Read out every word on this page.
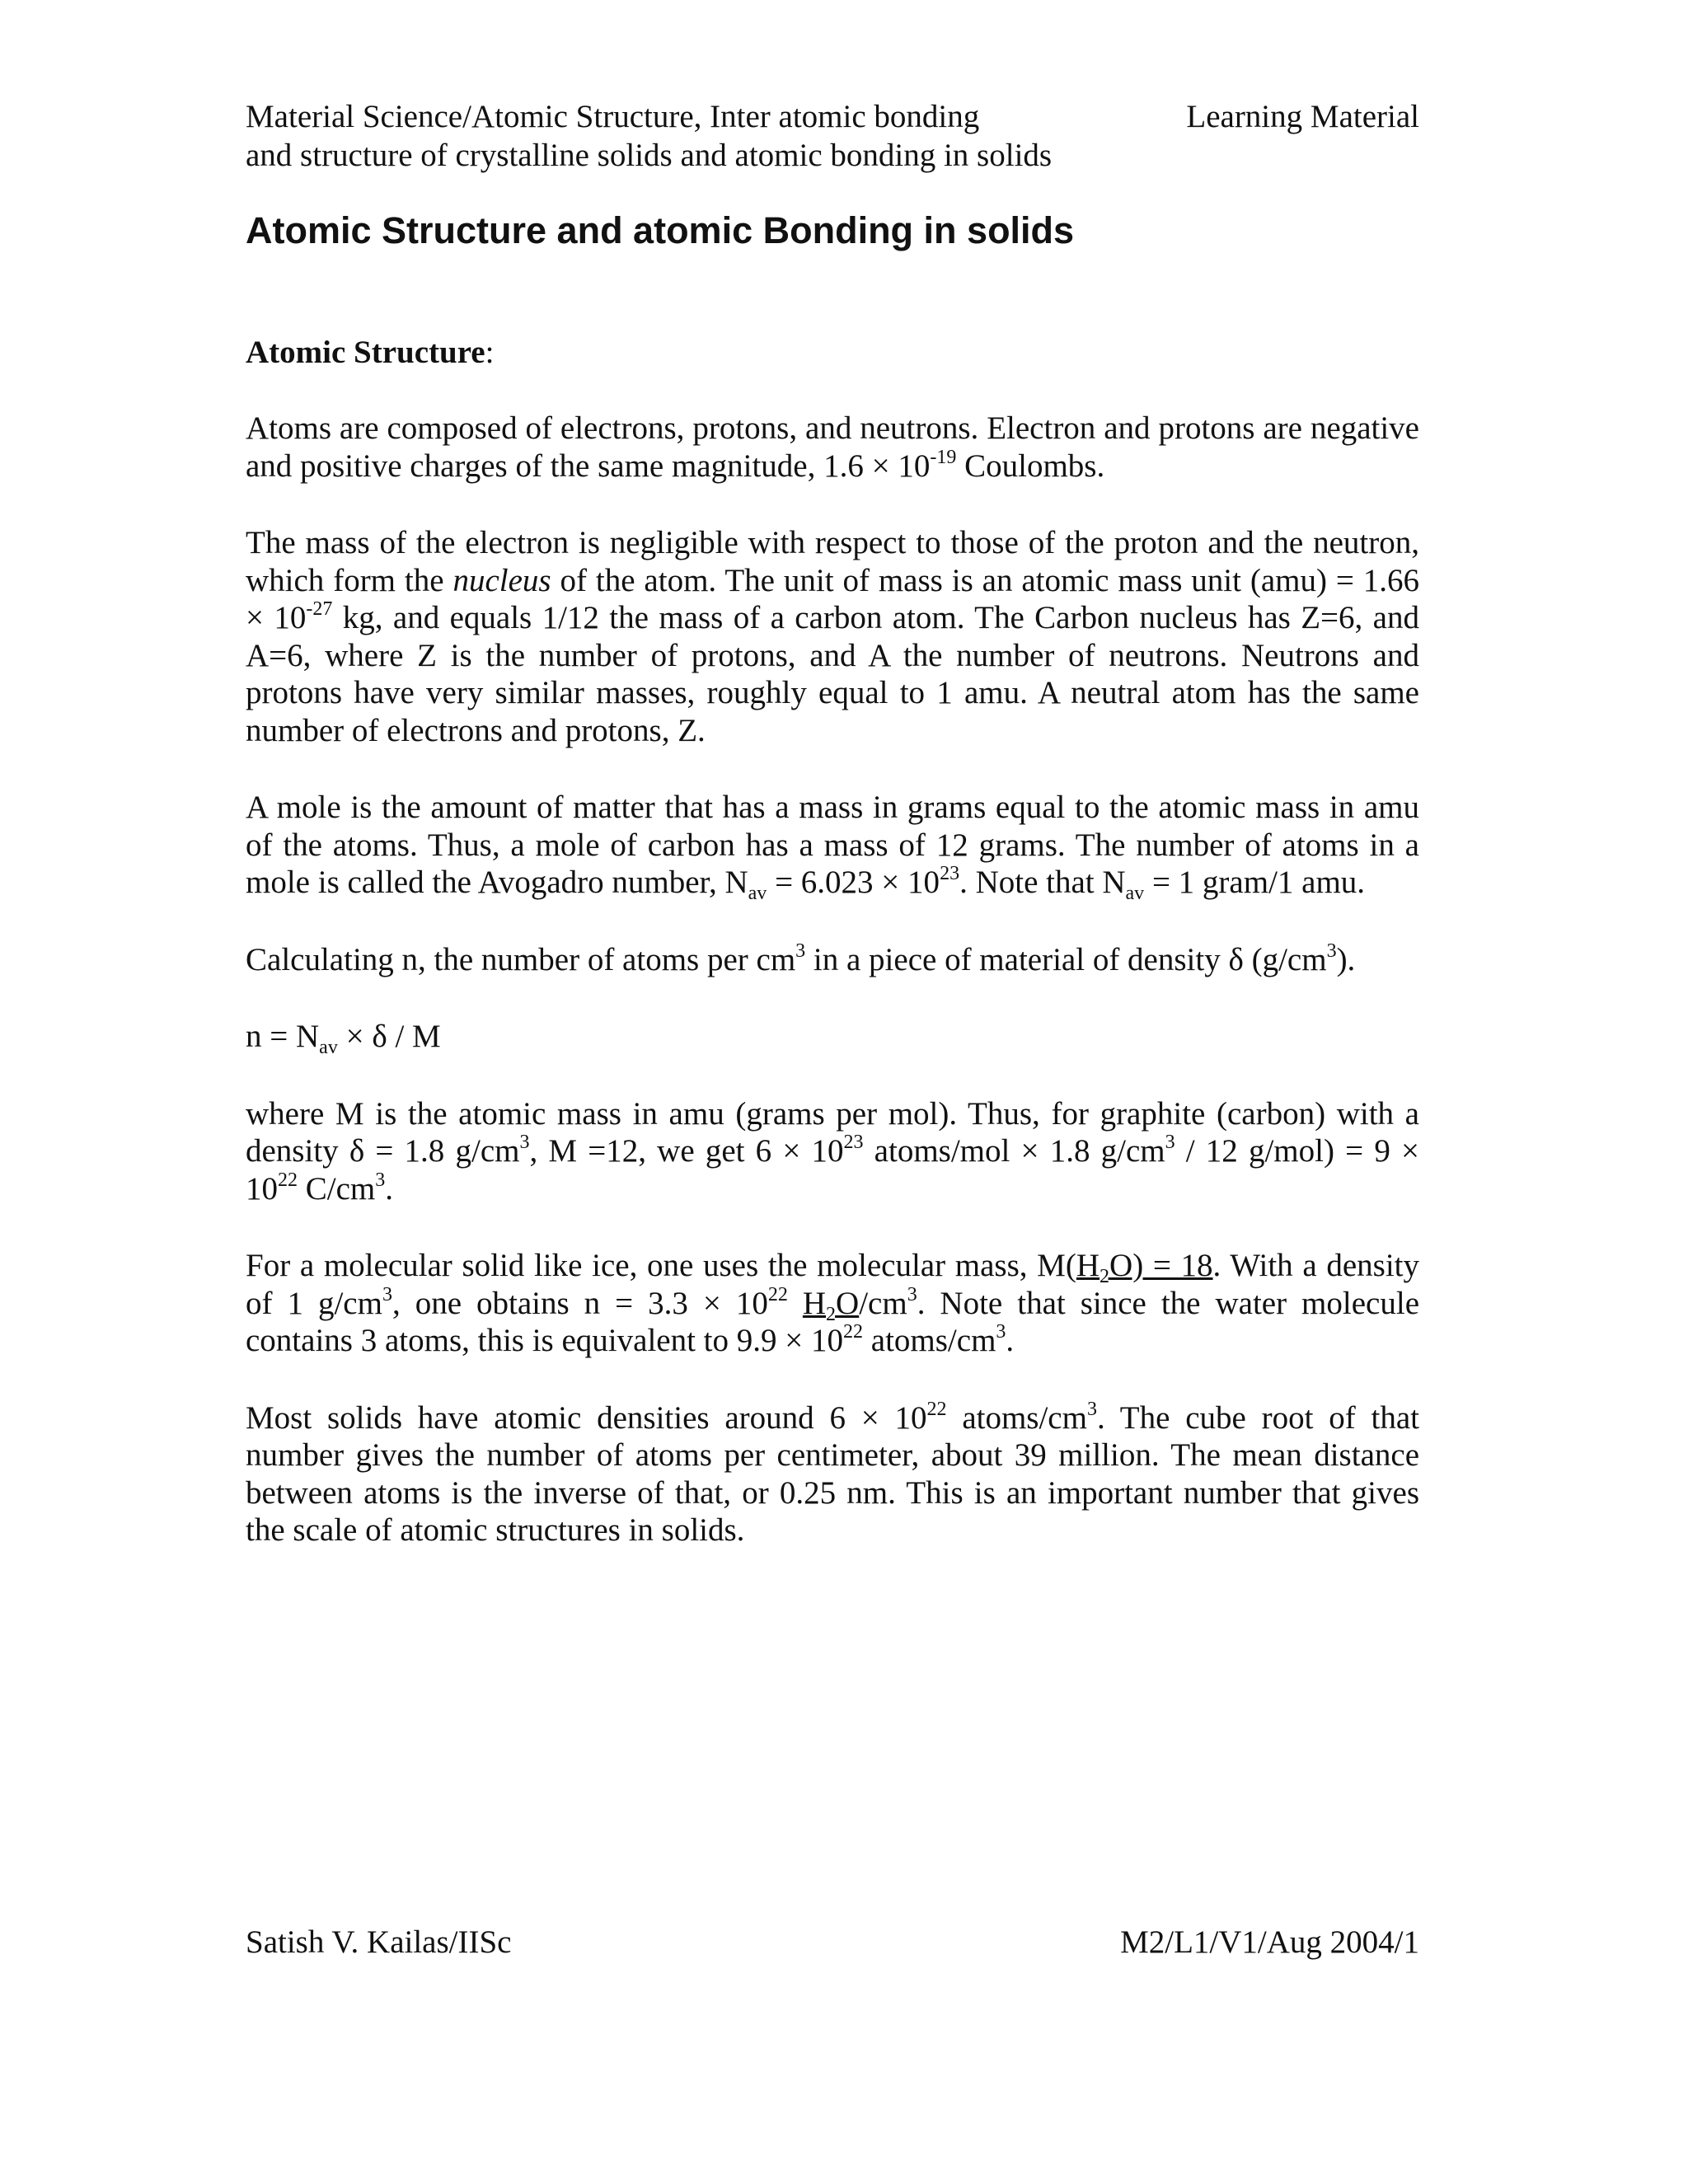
Material Science/Atomic Structure, Inter atomic bonding
and structure of crystalline solids and atomic bonding in solids
Learning Material
Atomic Structure and atomic Bonding in solids
Atomic Structure:

Atoms are composed of electrons, protons, and neutrons. Electron and protons are negative and positive charges of the same magnitude, $1.6 \times 10^{-19}$ Coulombs.

The mass of the electron is negligible with respect to those of the proton and the neutron, which form the nucleus of the atom. The unit of mass is an atomic mass unit $(amu) = 1.66 \times 10^{-27}$ kg, and equals 1/12 the mass of a carbon atom. The Carbon nucleus has Z=6, and A=6, where Z is the number of protons, and A the number of neutrons. Neutrons and protons have very similar masses, roughly equal to 1 amu. A neutral atom has the same number of electrons and protons, Z.

A mole is the amount of matter that has a mass in grams equal to the atomic mass in amu of the atoms. Thus, a mole of carbon has a mass of 12 grams. The number of atoms in a mole is called the Avogadro number, $N_{av} = 6.023 \times 10^{23}$. Note that $N_{av} = 1$ gram/1 amu.

Calculating n, the number of atoms per $cm^3$ in a piece of material of density δ $(g/cm^3)$.

$n = N_{av} \times \delta / M$

where M is the atomic mass in amu (grams per mol). Thus, for graphite (carbon) with a density δ = 1.8 $g/cm^3$, M =12, we get $6 \times 10^{23}$ atoms/mol × 1.8 $g/cm^3 / 12$ $g/mol) = 9 \times 10^{22}$ $C/cm^3$.

For a molecular solid like ice, one uses the molecular mass, $M(H_2O) = 18$. With a density of 1 $g/cm^3$, one obtains $n = 3.3 \times 10^{22}$ $H_2O/cm^3$. Note that since the water molecule contains 3 atoms, this is equivalent to $9.9 \times 10^{22}$ atoms/$cm^3$.

Most solids have atomic densities around $6 \times 10^{22}$ atoms/$cm^3$. The cube root of that number gives the number of atoms per centimeter, about 39 million. The mean distance between atoms is the inverse of that, or 0.25 nm. This is an important number that gives the scale of atomic structures in solids.

Satish V. Kailas/IISc	M2/L1/V1/Aug 2004/1
